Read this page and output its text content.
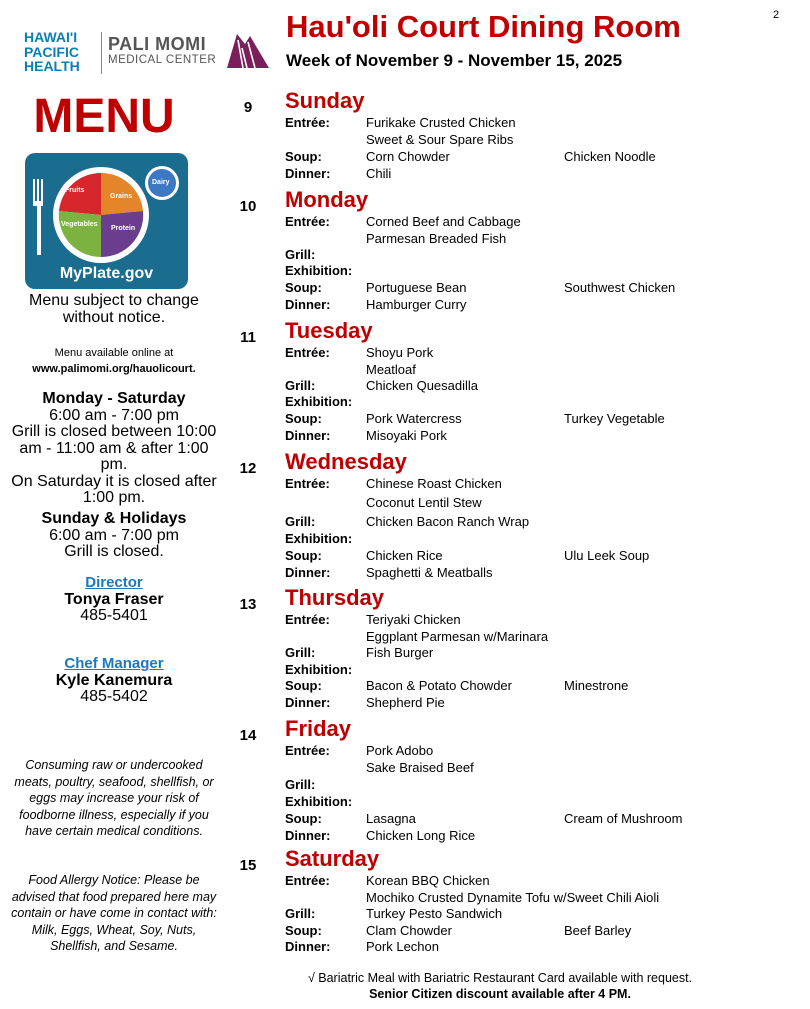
2
HAWAI'I
PACIFIC
HEALTH
PALI MOMI
MEDICAL CENTER
Hau'oli Court Dining Room
Week of November 9 - November 15, 2025
MENU
Fruits
Grains
Vegetables
Protein
Dairy
MyPlate.gov
Menu subject to change without notice.
Menu available online at
www.palimomi.org/hauolicourt.
Monday - Saturday
6:00 am - 7:00 pm
Grill is closed between 10:00 am - 11:00 am & after 1:00 pm.
On Saturday it is closed after 1:00 pm.
Sunday & Holidays
6:00 am - 7:00 pm
Grill is closed.
Director
Tonya Fraser
485-5401
Chef Manager
Kyle Kanemura
485-5402
Consuming raw or undercooked meats, poultry, seafood, shellfish, or eggs may increase your risk of foodborne illness, especially if you have certain medical conditions.
Food Allergy Notice: Please be advised that food prepared here may contain or have come in contact with: Milk, Eggs, Wheat, Soy, Nuts, Shellfish, and Sesame.
9 Sunday
Entrée:	Furikake Crusted Chicken
Sweet & Sour Spare Ribs
Soup:	Corn Chowder	Chicken Noodle
Dinner:	Chili
10 Monday
Entrée:	Corned Beef and Cabbage
Parmesan Breaded Fish
Grill:
Exhibition:
Soup:	Portuguese Bean	Southwest Chicken
Dinner:	Hamburger Curry
11 Tuesday
Entrée:	Shoyu Pork
Meatloaf
Grill:	Chicken Quesadilla
Exhibition:
Soup:	Pork Watercress	Turkey Vegetable
Dinner:	Misoyaki Pork
12 Wednesday
Entrée:	Chinese Roast Chicken
Coconut Lentil Stew
Grill:	Chicken Bacon Ranch Wrap
Exhibition:
Soup:	Chicken Rice	Ulu Leek Soup
Dinner:	Spaghetti & Meatballs
13 Thursday
Entrée:	Teriyaki Chicken
Eggplant Parmesan w/Marinara
Grill:	Fish Burger
Exhibition:
Soup:	Bacon & Potato Chowder	Minestrone
Dinner:	Shepherd Pie
14 Friday
Entrée:	Pork Adobo
Sake Braised Beef
Grill:
Exhibition:
Soup:	Lasagna	Cream of Mushroom
Dinner:	Chicken Long Rice
15 Saturday
Entrée:	Korean BBQ Chicken
Mochiko Crusted Dynamite Tofu w/Sweet Chili Aioli
Grill:	Turkey Pesto Sandwich
Soup:	Clam Chowder	Beef Barley
Dinner:	Pork Lechon
√ Bariatric Meal with Bariatric Restaurant Card available with request.
Senior Citizen discount available after 4 PM.
